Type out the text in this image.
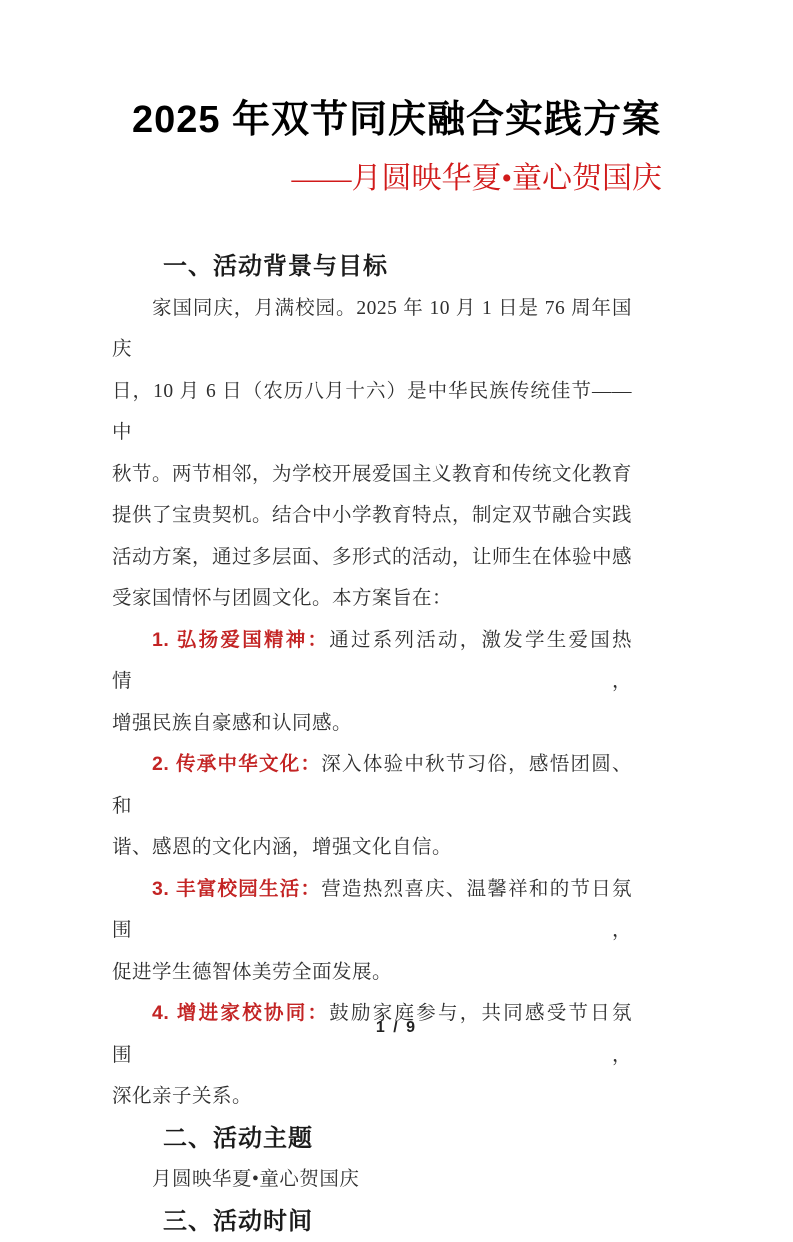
2025 年双节同庆融合实践方案
——月圆映华夏•童心贺国庆
一、活动背景与目标
家国同庆，月满校园。2025 年 10 月 1 日是 76 周年国庆
日，10 月 6 日（农历八月十六）是中华民族传统佳节——中
秋节。两节相邻，为学校开展爱国主义教育和传统文化教育
提供了宝贵契机。结合中小学教育特点，制定双节融合实践
活动方案，通过多层面、多形式的活动，让师生在体验中感
受家国情怀与团圆文化。本方案旨在：
1. 弘扬爱国精神：通过系列活动，激发学生爱国热情，
增强民族自豪感和认同感。
2. 传承中华文化：深入体验中秋节习俗，感悟团圆、和
谐、感恩的文化内涵，增强文化自信。
3. 丰富校园生活：营造热烈喜庆、温馨祥和的节日氛围，
促进学生德智体美劳全面发展。
4. 增进家校协同：鼓励家庭参与，共同感受节日氛围，
深化亲子关系。
二、活动主题
月圆映华夏•童心贺国庆
三、活动时间
1 / 9
